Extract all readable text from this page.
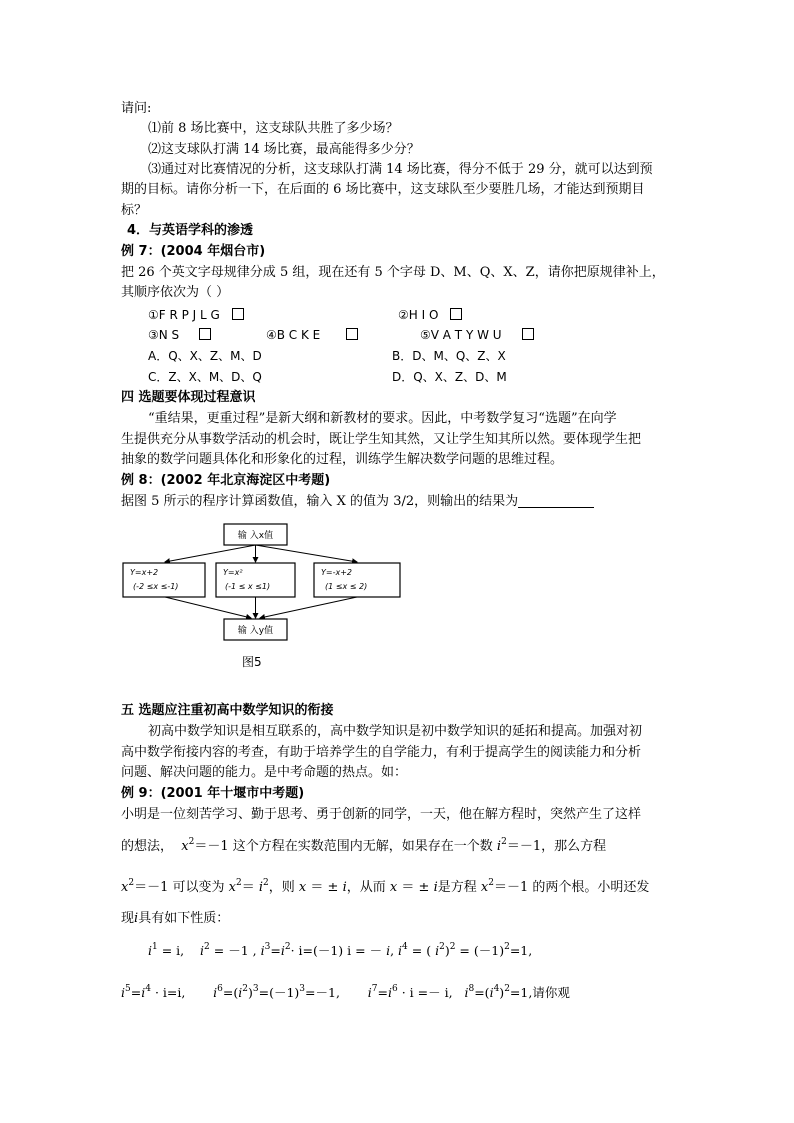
请问:
⑴前 8 场比赛中，这支球队共胜了多少场？
⑵这支球队打满 14 场比赛，最高能得多少分？
⑶通过对比赛情况的分析，这支球队打满 14 场比赛，得分不低于 29 分，就可以达到预
期的目标。请你分析一下，在后面的 6 场比赛中，这支球队至少要胜几场，才能达到预期目
标？
4．与英语学科的渗透
例 7：(2004 年烟台市)
把 26 个英文字母规律分成 5 组，现在还有 5 个字母 D、M、Q、X、Z，请你把原规律补上，
其顺序依次为（ ）
①F R P J L G	②H I O
③N S	④B C K E	⑤V A T Y W U
A．Q、X、Z、M、D	B．D、M、Q、Z、X
C．Z、X、M、D、Q	D．Q、X、Z、D、M
四 选题要体现过程意识
“重结果，更重过程”是新大纲和新教材的要求。因此，中考数学复习“选题”在向学
生提供充分从事数学活动的机会时，既让学生知其然，又让学生知其所以然。要体现学生把
抽象的数学问题具体化和形象化的过程，训练学生解决数学问题的思维过程。
例 8：(2002 年北京海淀区中考题)
据图 5 所示的程序计算函数值，输入 X 的值为 3/2，则输出的结果为
输 入x值
Y=x+2
(-2 ≤x ≤-1)
Y=x²
(-1 ≤ x ≤1)
Y=-x+2
(1 ≤x ≤ 2)
输 入y值
图5
五 选题应注重初高中数学知识的衔接
初高中数学知识是相互联系的，高中数学知识是初中数学知识的延拓和提高。加强对初
高中数学衔接内容的考查，有助于培养学生的自学能力，有利于提高学生的阅读能力和分析
问题、解决问题的能力。是中考命题的热点。如：
例 9：(2001 年十堰市中考题)
小明是一位刻苦学习、勤于思考、勇于创新的同学，一天，他在解方程时，突然产生了这样
的想法， $x^2=-1$ 这个方程在实数范围内无解，如果存在一个数 $i^2=-1$，那么方程
$x^2=-1$ 可以变为 $x^2= i^2$，则 x ＝ ± i，从而 x ＝ ± i是方程 $x^2=-1$ 的两个根。小明还发
现i具有如下性质：
$i^1 = i$, $i^2 = -1$ , $i^3=i^2\cdot i=(-1) i$ = － i, $i^4$ = ( $i^2)^2 = (-1)^2=1$,
$i^5=i^4 \cdot i=i$, $i^6=(i^2)^3=(-1)^3=-1$, $i^7=i^6 \cdot i =- i$, $i^8=(i^4)^2=1$,请你观
